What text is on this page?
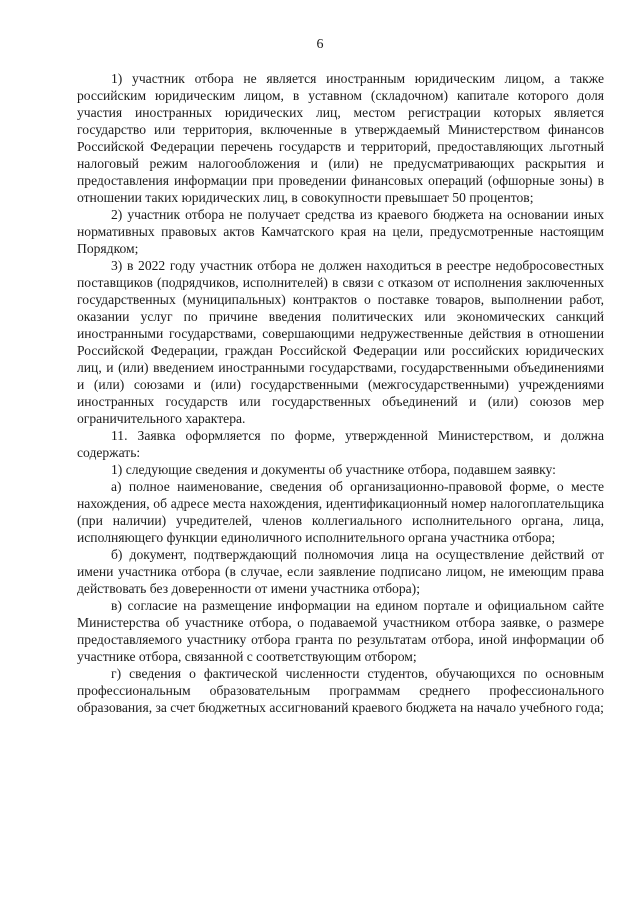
6

1) участник отбора не является иностранным юридическим лицом, а также российским юридическим лицом, в уставном (складочном) капитале которого доля участия иностранных юридических лиц, местом регистрации которых является государство или территория, включенные в утверждаемый Министерством финансов Российской Федерации перечень государств и территорий, предоставляющих льготный налоговый режим налогообложения и (или) не предусматривающих раскрытия и предоставления информации при проведении финансовых операций (офшорные зоны) в отношении таких юридических лиц, в совокупности превышает 50 процентов;

2) участник отбора не получает средства из краевого бюджета на основании иных нормативных правовых актов Камчатского края на цели, предусмотренные настоящим Порядком;

3) в 2022 году участник отбора не должен находиться в реестре недобросовестных поставщиков (подрядчиков, исполнителей) в связи с отказом от исполнения заключенных государственных (муниципальных) контрактов о поставке товаров, выполнении работ, оказании услуг по причине введения политических или экономических санкций иностранными государствами, совершающими недружественные действия в отношении Российской Федерации, граждан Российской Федерации или российских юридических лиц, и (или) введением иностранными государствами, государственными объединениями и (или) союзами и (или) государственными (межгосударственными) учреждениями иностранных государств или государственных объединений и (или) союзов мер ограничительного характера.

11. Заявка оформляется по форме, утвержденной Министерством, и должна содержать:

1) следующие сведения и документы об участнике отбора, подавшем заявку:

а) полное наименование, сведения об организационно-правовой форме, о месте нахождения, об адресе места нахождения, идентификационный номер налогоплательщика (при наличии) учредителей, членов коллегиального исполнительного органа, лица, исполняющего функции единоличного исполнительного органа участника отбора;

б) документ, подтверждающий полномочия лица на осуществление действий от имени участника отбора (в случае, если заявление подписано лицом, не имеющим права действовать без доверенности от имени участника отбора);

в) согласие на размещение информации на едином портале и официальном сайте Министерства об участнике отбора, о подаваемой участником отбора заявке, о размере предоставляемого участнику отбора гранта по результатам отбора, иной информации об участнике отбора, связанной с соответствующим отбором;

г) сведения о фактической численности студентов, обучающихся по основным профессиональным образовательным программам среднего профессионального образования, за счет бюджетных ассигнований краевого бюджета на начало учебного года;
